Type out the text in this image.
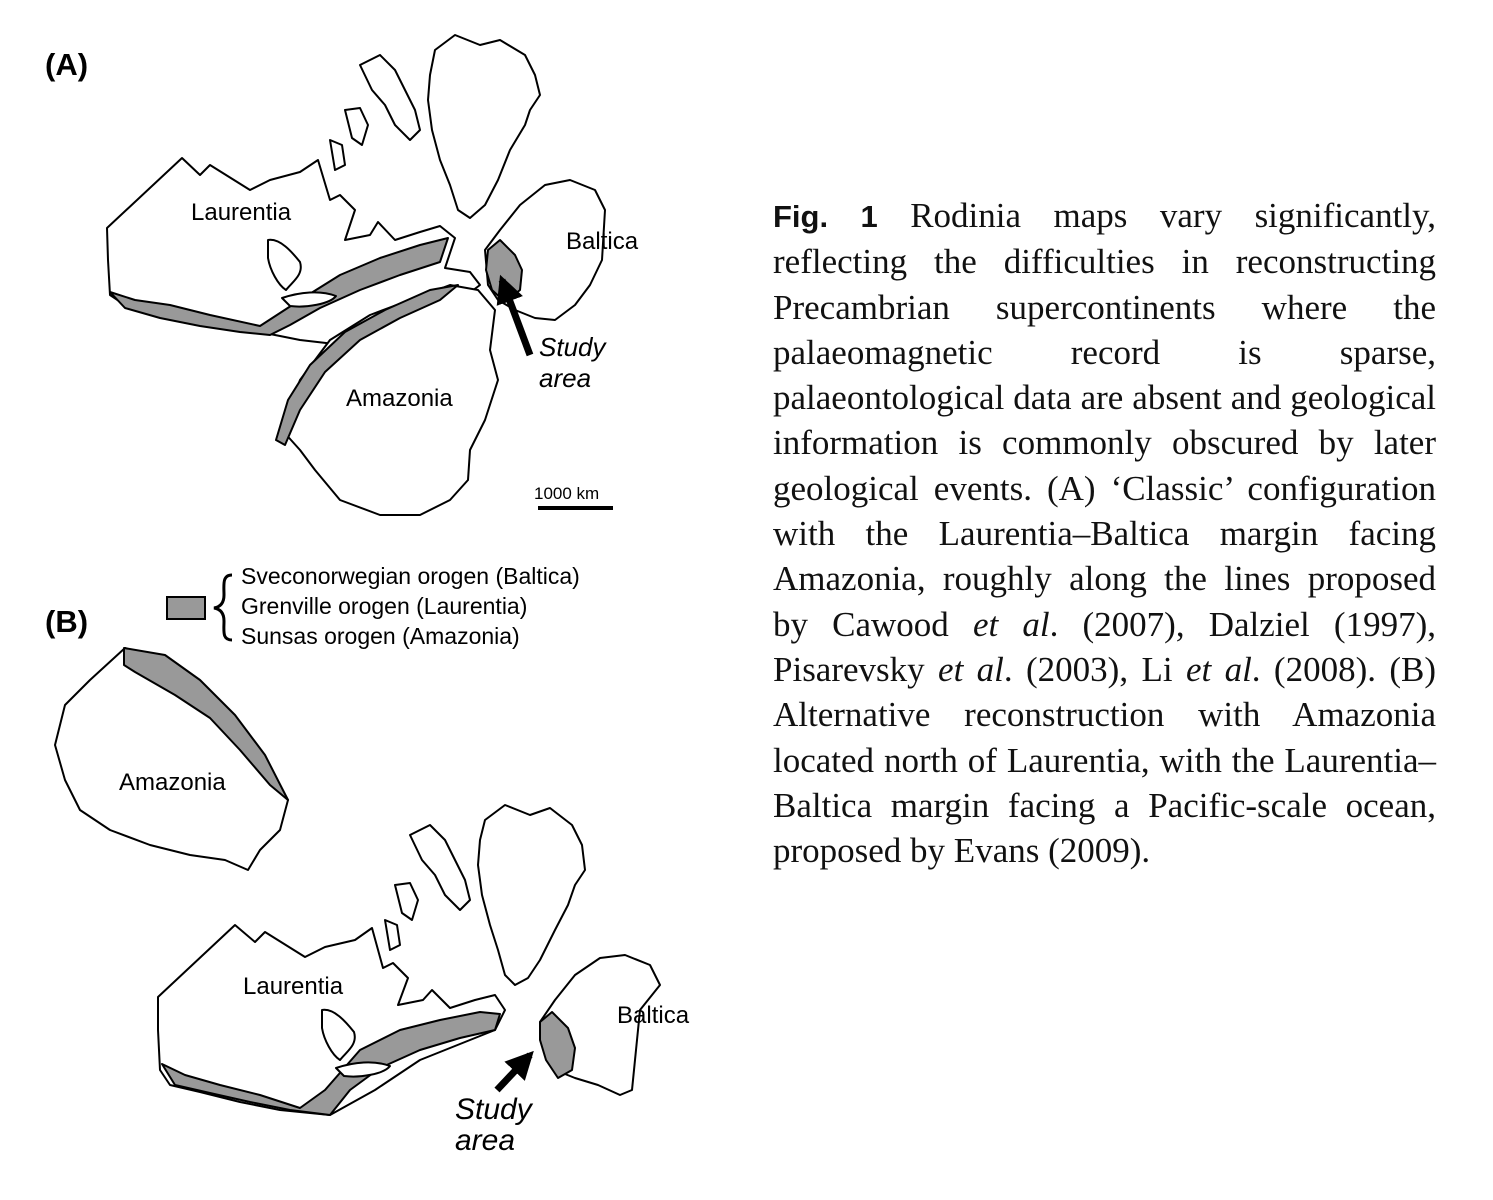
(A)
(B)
Laurentia
Baltica
Amazonia
Study
area
1000 km
Sveconorwegian orogen (Baltica)
Grenville orogen (Laurentia)
Sunsas orogen (Amazonia)
Amazonia
Laurentia
Baltica
Study
area
Fig. 1 Rodinia maps vary significantly, reflecting the difficulties in reconstructing Precambrian supercontinents where the palaeomagnetic record is sparse, palaeontological data are absent and geological information is commonly obscured by later geological events. (A) ‘Classic’ configuration with the Laurentia–Baltica margin facing Amazonia, roughly along the lines proposed by Cawood et al. (2007), Dalziel (1997), Pisarevsky et al. (2003), Li et al. (2008). (B) Alternative reconstruction with Amazonia located north of Laurentia, with the Laurentia–Baltica margin facing a Pacific-scale ocean, proposed by Evans (2009).
